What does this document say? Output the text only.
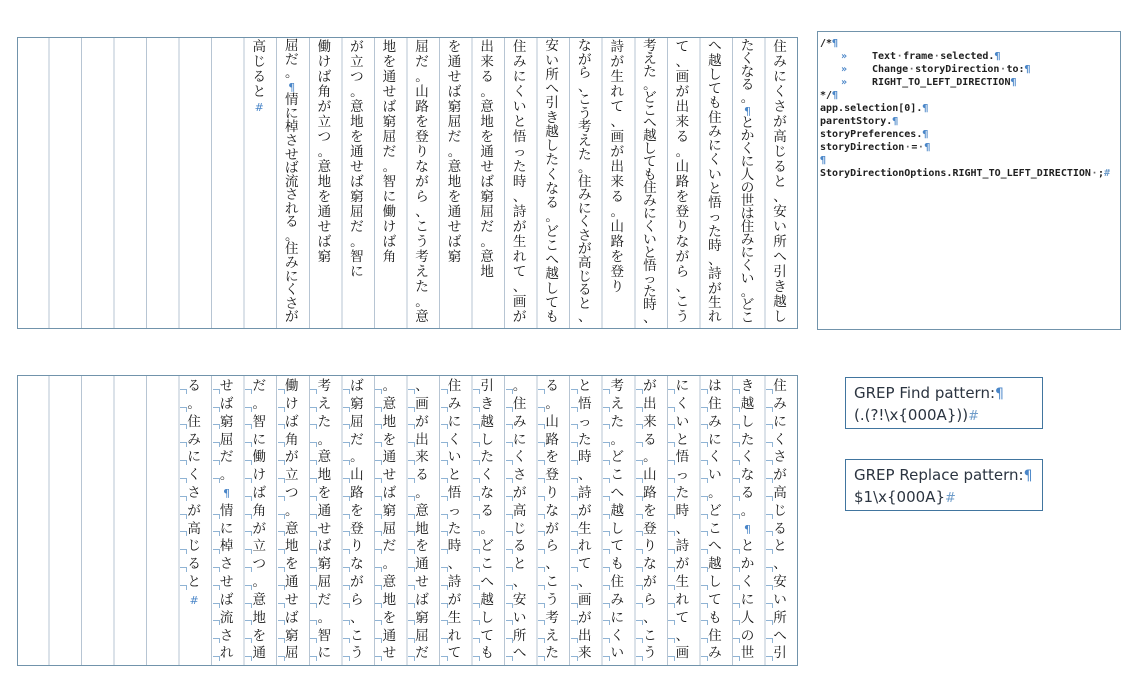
住
み
に
く
さ
が
高
じ
る
と
、
安
い
所
へ
引
き
越
し
た
く
な
る
。
¶
と
か
く
に
人
の
世
は
住
み
に
く
い
。
ど
こ
へ
越
し
て
も
住
み
に
く
い
と
悟
っ
た
時
、
詩
が
生
れ
て
、
画
が
出
来
る
。
山
路
を
登
り
な
が
ら
、
こ
う
考
え
た
。
ど
こ
へ
越
し
て
も
住
み
に
く
い
と
悟
っ
た
時
、
詩
が
生
れ
て
、
画
が
出
来
る
。
山
路
を
登
り
な
が
ら
、
こ
う
考
え
た
。
住
み
に
く
さ
が
高
じ
る
と
、
安
い
所
へ
引
き
越
し
た
く
な
る
。
ど
こ
へ
越
し
て
も
住
み
に
く
い
と
悟
っ
た
時
、
詩
が
生
れ
て
、
画
が
出
来
る
。
意
地
を
通
せ
ば
窮
屈
だ
。
意
地
を
通
せ
ば
窮
屈
だ
。
意
地
を
通
せ
ば
窮
屈
だ
。
山
路
を
登
り
な
が
ら
、
こ
う
考
え
た
。
意
地
を
通
せ
ば
窮
屈
だ
。
智
に
働
け
ば
角
が
立
つ
。
意
地
を
通
せ
ば
窮
屈
だ
。
智
に
働
け
ば
角
が
立
つ
。
意
地
を
通
せ
ば
窮
屈
だ
。
¶
情
に
棹
さ
せ
ば
流
さ
れ
る
。
住
み
に
く
さ
が
高
じ
る
と
#
住
み
に
く
さ
が
高
じ
る
と
、
安
い
所
へ
引
き
越
し
た
く
な
る
。
¶
と
か
く
に
人
の
世
は
住
み
に
く
い
。
ど
こ
へ
越
し
て
も
住
み
に
く
い
と
悟
っ
た
時
、
詩
が
生
れ
て
、
画
が
出
来
る
。
山
路
を
登
り
な
が
ら
、
こ
う
考
え
た
。
ど
こ
へ
越
し
て
も
住
み
に
く
い
と
悟
っ
た
時
、
詩
が
生
れ
て
、
画
が
出
来
る
。
山
路
を
登
り
な
が
ら
、
こ
う
考
え
た
。
住
み
に
く
さ
が
高
じ
る
と
、
安
い
所
へ
引
き
越
し
た
く
な
る
。
ど
こ
へ
越
し
て
も
住
み
に
く
い
と
悟
っ
た
時
、
詩
が
生
れ
て
、
画
が
出
来
る
。
意
地
を
通
せ
ば
窮
屈
だ
。
意
地
を
通
せ
ば
窮
屈
だ
。
意
地
を
通
せ
ば
窮
屈
だ
。
山
路
を
登
り
な
が
ら
、
こ
う
考
え
た
。
意
地
を
通
せ
ば
窮
屈
だ
。
智
に
働
け
ば
角
が
立
つ
。
意
地
を
通
せ
ば
窮
屈
だ
。
智
に
働
け
ば
角
が
立
つ
。
意
地
を
通
せ
ば
窮
屈
だ
。
¶
情
に
棹
さ
せ
ば
流
さ
れ
る
。
住
み
に
く
さ
が
高
じ
る
と
#
/*¶
» Text·frame·selected.¶
» Change·storyDirection·to:¶
» RIGHT_TO_LEFT_DIRECTION¶
*/¶
app.selection[0].¶
parentStory.¶
storyPreferences.¶
storyDirection·=·¶
¶
StoryDirectionOptions.RIGHT_TO_LEFT_DIRECTION·;#
GREP Find pattern:¶
(.(?!\x{000A}))#
GREP Replace pattern:¶
$1\x{000A}#
